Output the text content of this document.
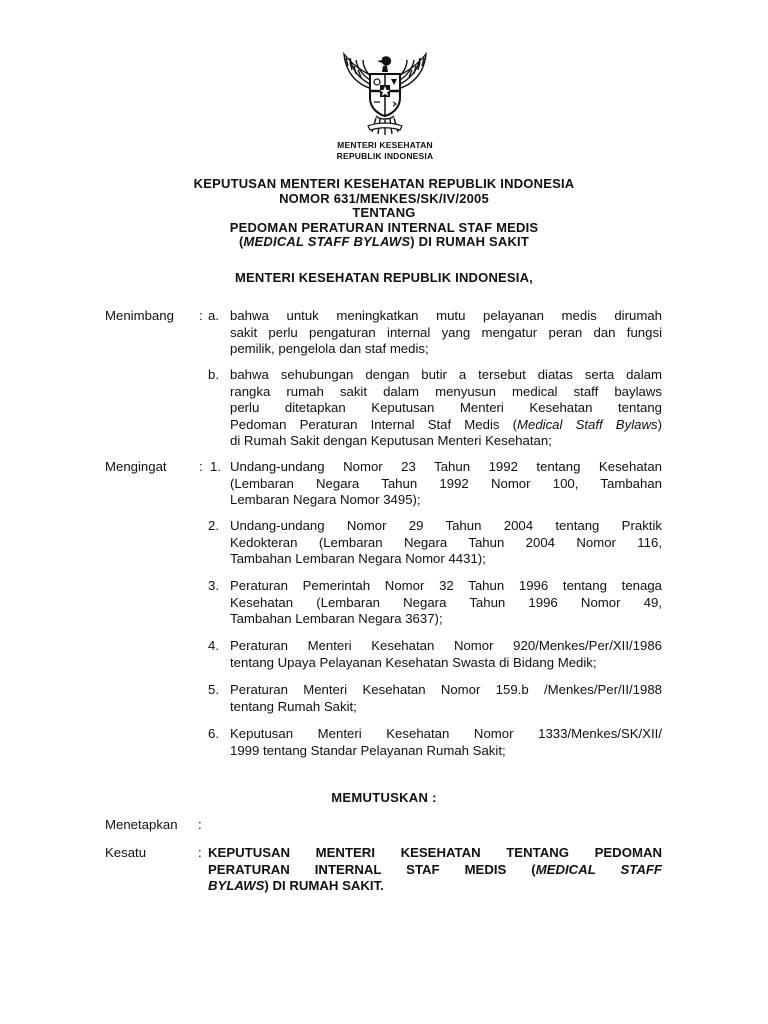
MENTERI KESEHATAN
REPUBLIK INDONESIA
KEPUTUSAN MENTERI KESEHATAN REPUBLIK INDONESIA
NOMOR 631/MENKES/SK/IV/2005
TENTANG
PEDOMAN PERATURAN INTERNAL STAF MEDIS
(MEDICAL STAFF BYLAWS) DI RUMAH SAKIT
MENTERI KESEHATAN REPUBLIK INDONESIA,
Menimbang : a. bahwa untuk meningkatkan mutu pelayanan medis dirumah
sakit perlu pengaturan internal yang mengatur peran dan fungsi
pemilik, pengelola dan staf medis;
b. bahwa sehubungan dengan butir a tersebut diatas serta dalam
rangka rumah sakit dalam menyusun medical staff baylaws
perlu ditetapkan Keputusan Menteri Kesehatan tentang
Pedoman Peraturan Internal Staf Medis (Medical Staff Bylaws)
di Rumah Sakit dengan Keputusan Menteri Kesehatan;
Mengingat : 1. Undang-undang Nomor 23 Tahun 1992 tentang Kesehatan
(Lembaran Negara Tahun 1992 Nomor 100, Tambahan
Lembaran Negara Nomor 3495);
2. Undang-undang Nomor 29 Tahun 2004 tentang Praktik
Kedokteran (Lembaran Negara Tahun 2004 Nomor 116,
Tambahan Lembaran Negara Nomor 4431);
3. Peraturan Pemerintah Nomor 32 Tahun 1996 tentang tenaga
Kesehatan (Lembaran Negara Tahun 1996 Nomor 49,
Tambahan Lembaran Negara 3637);
4. Peraturan Menteri Kesehatan Nomor 920/Menkes/Per/XII/1986
tentang Upaya Pelayanan Kesehatan Swasta di Bidang Medik;
5. Peraturan Menteri Kesehatan Nomor 159.b /Menkes/Per/II/1988
tentang Rumah Sakit;
6. Keputusan Menteri Kesehatan Nomor 1333/Menkes/SK/XII/
1999 tentang Standar Pelayanan Rumah Sakit;
MEMUTUSKAN :
Menetapkan :
Kesatu	: KEPUTUSAN MENTERI KESEHATAN TENTANG PEDOMAN
PERATURAN INTERNAL STAF MEDIS (MEDICAL STAFF
BYLAWS) DI RUMAH SAKIT.
